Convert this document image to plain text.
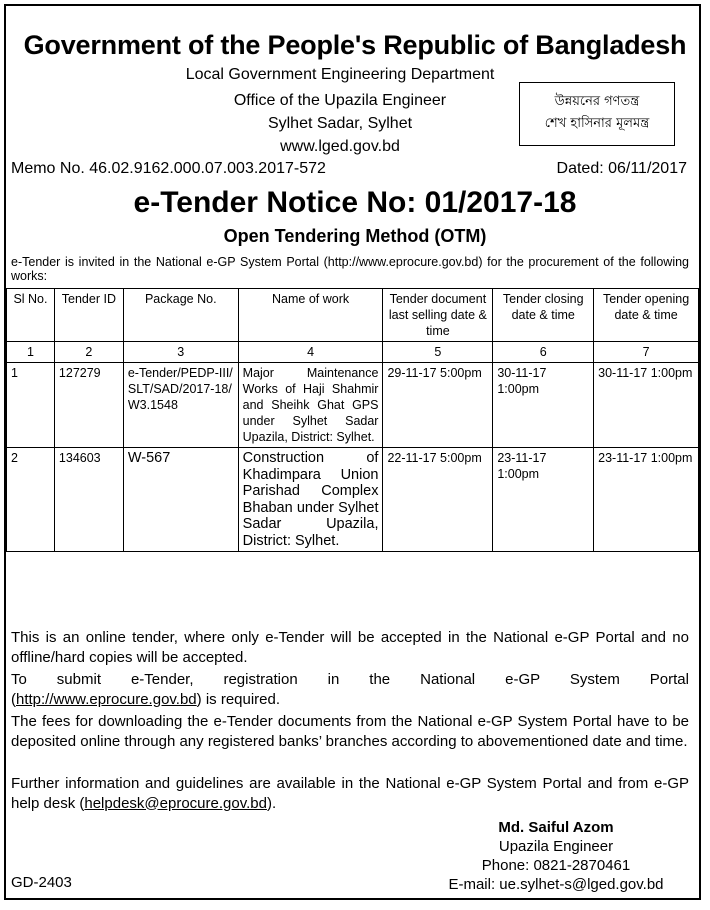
Government of the People's Republic of Bangladesh
Local Government Engineering Department
Office of the Upazila Engineer
Sylhet Sadar, Sylhet
www.lged.gov.bd
উন্নয়নের গণতন্ত্র
শেখ হাসিনার মূলমন্ত্র
Memo No. 46.02.9162.000.07.003.2017-572	Dated: 06/11/2017
e-Tender Notice No: 01/2017-18
Open Tendering Method (OTM)
e-Tender is invited in the National e-GP System Portal (http://www.eprocure.gov.bd) for the procurement of the following works:
Sl No.	Tender ID	Package No.	Name of work	Tender document last selling date & time	Tender closing date & time	Tender opening date & time
1	2	3	4	5	6	7
1	127279	e-Tender/PEDP-III/SLT/SAD/2017-18/W3.1548	Major Maintenance Works of Haji Shahmir and Sheihk Ghat GPS under Sylhet Sadar Upazila, District: Sylhet.	29-11-17 5:00pm	30-11-17 1:00pm	30-11-17 1:00pm
2	134603	W-567	Construction of Khadimpara Union Parishad Complex Bhaban under Sylhet Sadar Upazila, District: Sylhet.	22-11-17 5:00pm	23-11-17 1:00pm	23-11-17 1:00pm
This is an online tender, where only e-Tender will be accepted in the National e-GP Portal and no offline/hard copies will be accepted.
To submit e-Tender, registration in the National e-GP System Portal
(http://www.eprocure.gov.bd) is required.
The fees for downloading the e-Tender documents from the National e-GP System Portal have to be deposited online through any registered banks’ branches according to abovementioned date and time.
Further information and guidelines are available in the National e-GP System Portal and from e-GP help desk (helpdesk@eprocure.gov.bd).
Md. Saiful Azom
Upazila Engineer
Phone: 0821-2870461
E-mail: ue.sylhet-s@lged.gov.bd
GD-2403
